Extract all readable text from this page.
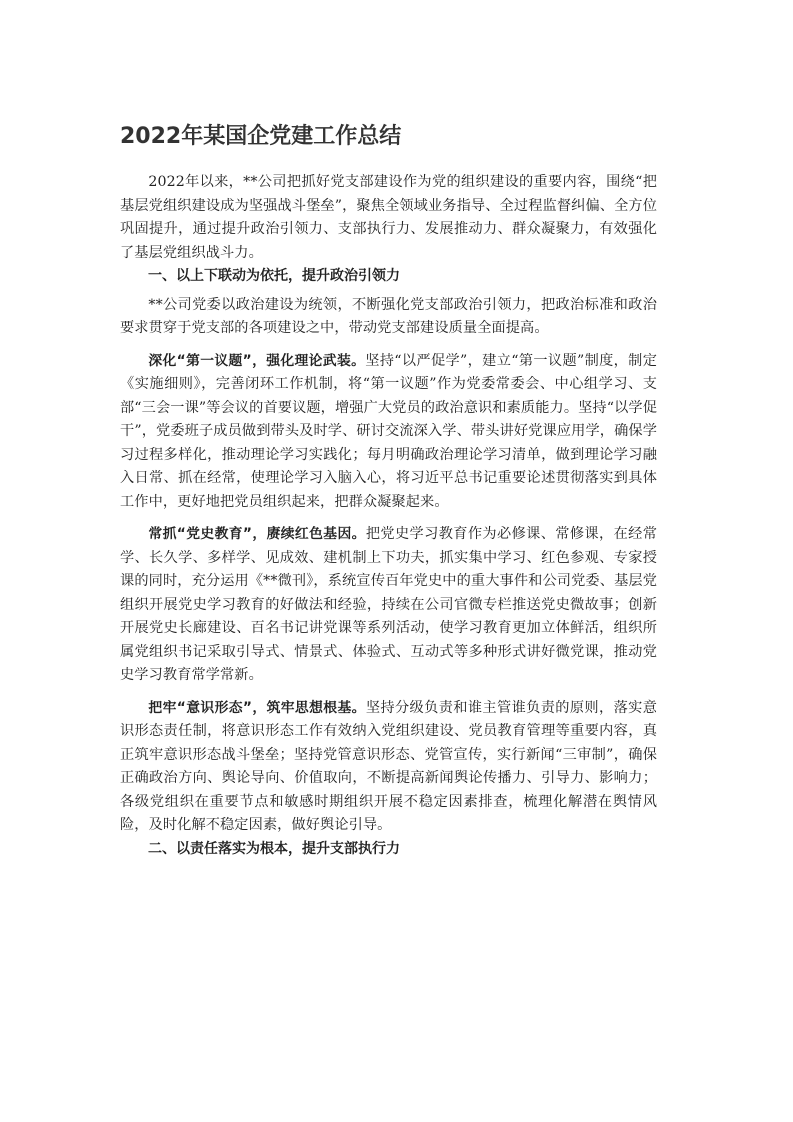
2022年某国企党建工作总结

2022年以来，**公司把抓好党支部建设作为党的组织建设的重要内容，围绕“把基层党组织建设成为坚强战斗堡垒”，聚焦全领域业务指导、全过程监督纠偏、全方位巩固提升，通过提升政治引领力、支部执行力、发展推动力、群众凝聚力，有效强化了基层党组织战斗力。

一、以上下联动为依托，提升政治引领力

**公司党委以政治建设为统领，不断强化党支部政治引领力，把政治标准和政治要求贯穿于党支部的各项建设之中，带动党支部建设质量全面提高。

深化“第一议题”，强化理论武装。坚持“以严促学”，建立“第一议题”制度，制定《实施细则》，完善闭环工作机制，将“第一议题”作为党委常委会、中心组学习、支部“三会一课”等会议的首要议题，增强广大党员的政治意识和素质能力。坚持“以学促干”，党委班子成员做到带头及时学、研讨交流深入学、带头讲好党课应用学，确保学习过程多样化，推动理论学习实践化；每月明确政治理论学习清单，做到理论学习融入日常、抓在经常，使理论学习入脑入心，将习近平总书记重要论述贯彻落实到具体工作中，更好地把党员组织起来，把群众凝聚起来。

常抓“党史教育”，赓续红色基因。把党史学习教育作为必修课、常修课，在经常学、长久学、多样学、见成效、建机制上下功夫，抓实集中学习、红色参观、专家授课的同时，充分运用《**微刊》，系统宣传百年党史中的重大事件和公司党委、基层党组织开展党史学习教育的好做法和经验，持续在公司官微专栏推送党史微故事；创新开展党史长廊建设、百名书记讲党课等系列活动，使学习教育更加立体鲜活，组织所属党组织书记采取引导式、情景式、体验式、互动式等多种形式讲好微党课，推动党史学习教育常学常新。

把牢“意识形态”，筑牢思想根基。坚持分级负责和谁主管谁负责的原则，落实意识形态责任制，将意识形态工作有效纳入党组织建设、党员教育管理等重要内容，真正筑牢意识形态战斗堡垒；坚持党管意识形态、党管宣传，实行新闻“三审制”，确保正确政治方向、舆论导向、价值取向，不断提高新闻舆论传播力、引导力、影响力；各级党组织在重要节点和敏感时期组织开展不稳定因素排查，梳理化解潜在舆情风险，及时化解不稳定因素，做好舆论引导。

二、以责任落实为根本，提升支部执行力
